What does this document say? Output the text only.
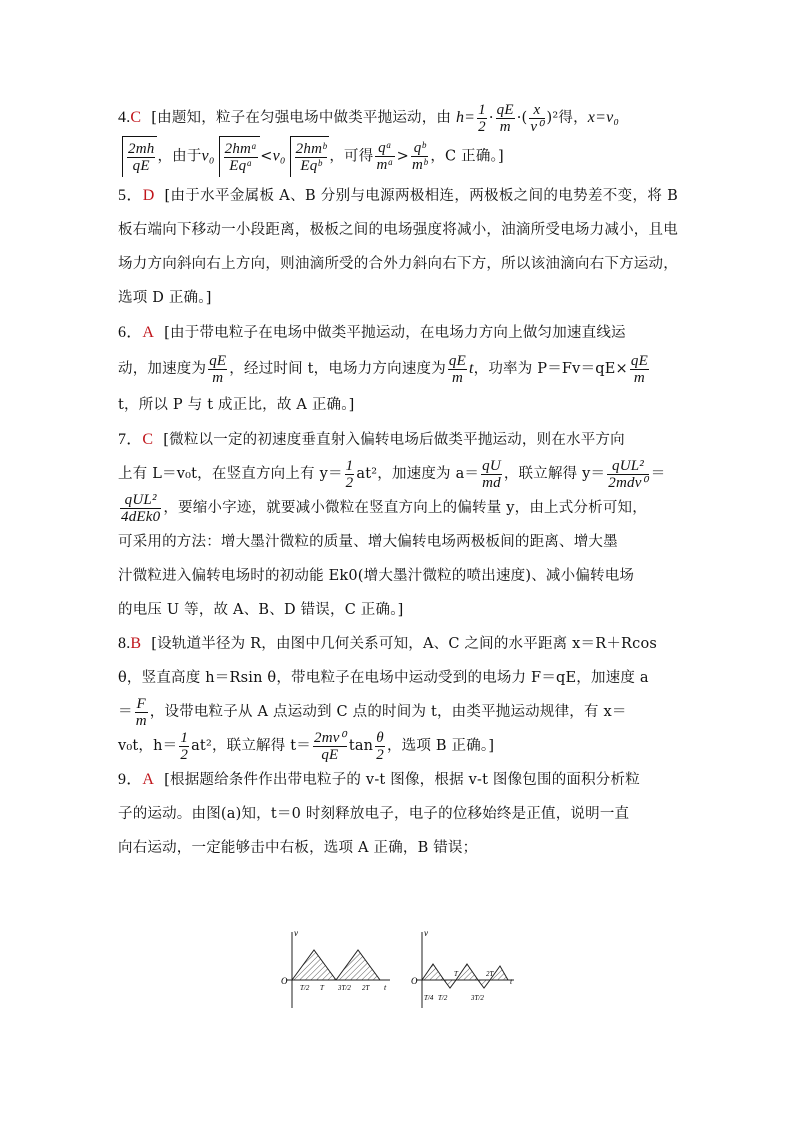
4.C [由题知，粒子在匀强电场中做类平抛运动，由 $h= \frac{1}{2} \cdot \frac{qE}{m}$ ·( $\frac{x}{\text{v⁰}} )^2$得，x=v₀
$\frac{2mh}{qE}$ ，由于$v_0 \frac{\text{2hmᵃ}}{\text{Eqᵃ}} <v_0 \frac{\text{2hmᵇ}}{\text{Eqᵇ}}$ ，可得 $\frac{\text{qᵃ}}{\text{mᵃ}} > \frac{\text{qᵇ}}{\text{mᵇ}}$ ，C 正确。]
5．D [由于水平金属板 A、B 分别与电源两极相连，两极板之间的电势差不变，将 B 板右端向下移动一小段距离，极板之间的电场强度将减小，油滴所受电场力减小，且电场力方向斜向右上方向，则油滴所受的合外力斜向右下方，所以该油滴向右下方运动，选项 D 正确。]
6．A [由于带电粒子在电场中做类平抛运动，在电场力方向上做匀加速直线运
动，加速度为 $\frac{qE}{m}$ ，经过时间 t，电场力方向速度为 $\frac{qE}{m}$ t，功率为 $P=Fv=qE\times \frac{qE}{m}$

t，所以 P 与 t 成正比，故 A 正确。]
7．C [微粒以一定的初速度垂直射入偏转电场后做类平抛运动，则在水平方向
上有 L＝v₀t，在竖直方向上有 $y= \frac{1}{2} at^2$，加速度为 $a= \frac{qU}{md}$ ，联立解得 $y= \frac{\text{qUL²}}{\text{2mdv⁰}}$ ＝

$\frac{\text{qUL²}}{\text{4dEk0}}$ ，要缩小字迹，就要减小微粒在竖直方向上的偏转量 y，由上式分析可知，
可采用的方法：增大墨汁微粒的质量、增大偏转电场两极板间的距离、增大墨
汁微粒进入偏转电场时的初动能 Ek0(增大墨汁微粒的喷出速度)、减小偏转电场
的电压 U 等，故 A、B、D 错误，C 正确。]
8.B [设轨道半径为 R，由图中几何关系可知，A、C 之间的水平距离 x＝R＋Rcos
θ，竖直高度 h＝Rsin θ，带电粒子在电场中运动受到的电场力 F＝qE，加速度 a
＝ $\frac{F}{m}$ ，设带电粒子从 A 点运动到 C 点的时间为 t，由类平抛运动规律，有 x＝
v₀t，$h= \frac{1}{2} at^2$，联立解得 $t= \frac{\text{2mv⁰}}{qE}$ $\tan \frac{\theta}{2}$ ，选项 B 正确。]
9．A [根据题给条件作出带电粒子的 v-t 图像，根据 v-t 图像包围的面积分析粒
子的运动。由图(a)知，t＝0 时刻释放电子，电子的位移始终是正值，说明一直
向右运动，一定能够击中右板，选项 A 正确，B 错误；
v
O
T/2 T 3T/2 2T t
v
O
T/4 T/2
T
3T/2
2T
t
